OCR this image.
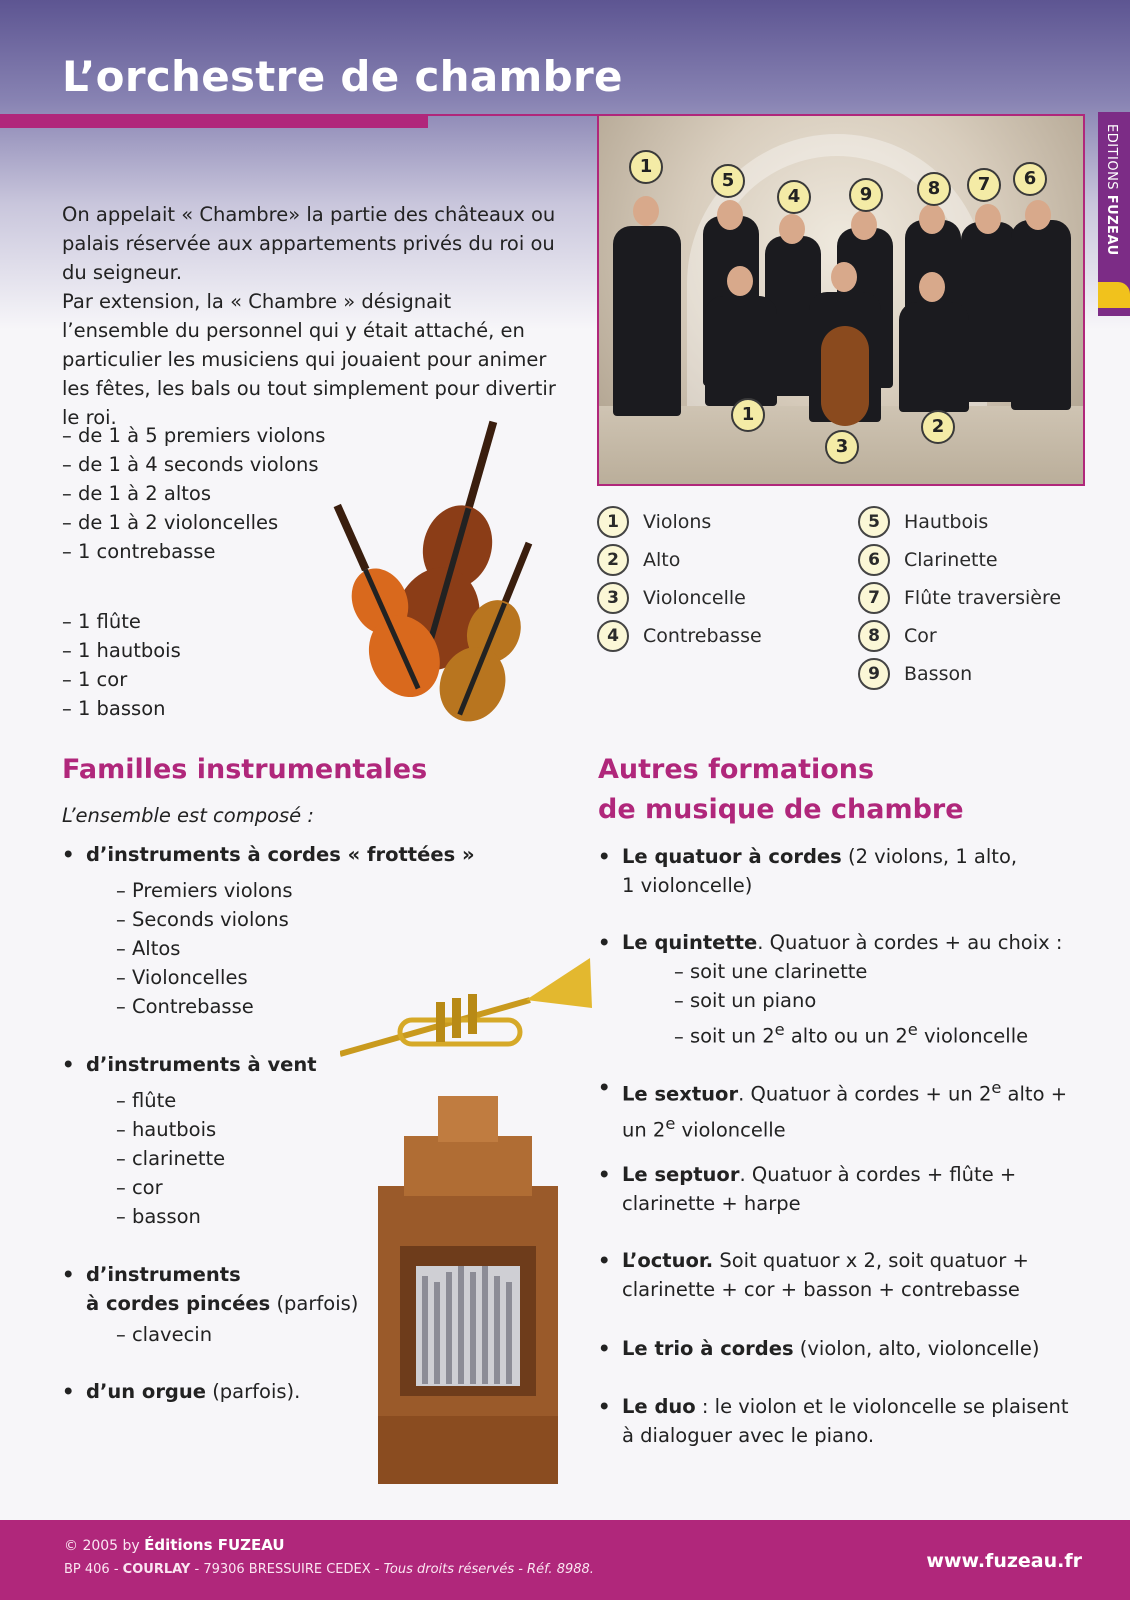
L’orchestre de chambre
EDITIONS FUZEAU

On appelait « Chambre» la partie des châteaux ou palais réservée aux appartements privés du roi ou du seigneur.

Par extension, la « Chambre » désignait l’ensemble du personnel qui y était attaché, en particulier les musiciens qui jouaient pour animer les fêtes, les bals ou tout simplement pour divertir le roi.

– de 1 à 5 premiers violons
– de 1 à 4 seconds violons
– de 1 à 2 altos
– de 1 à 2 violoncelles
– 1 contrebasse
– 1 flûte
– 1 hautbois
– 1 cor
– 1 basson
1
5
4	9	8	7	6
1
3
2
1	Violons
2	Alto
3	Violoncelle
4	Contrebasse
5	Hautbois
6	Clarinette
7	Flûte traversière
8	Cor
9	Basson
Familles instrumentales
L’ensemble est composé :
• d’instruments à cordes « frottées »
– Premiers violons
– Seconds violons
– Altos
– Violoncelles
– Contrebasse
• d’instruments à vent
– flûte
– hautbois
– clarinette
– cor
– basson
• d’instruments
à cordes pincées (parfois)
– clavecin
• d’un orgue (parfois).
Autres formations
de musique de chambre
• Le quatuor à cordes (2 violons, 1 alto,
1 violoncelle)
• Le quintette. Quatuor à cordes + au choix :
– soit une clarinette
– soit un piano
– soit un 2e alto ou un 2e violoncelle
• Le sextuor. Quatuor à cordes + un 2e alto +
un 2e violoncelle
• Le septuor. Quatuor à cordes + flûte +
clarinette + harpe
• L’octuor. Soit quatuor x 2, soit quatuor +
clarinette + cor + basson + contrebasse
• Le trio à cordes (violon, alto, violoncelle)
• Le duo : le violon et le violoncelle se plaisent
à dialoguer avec le piano.
© 2005 by Éditions FUZEAU
BP 406 - COURLAY - 79306 BRESSUIRE CEDEX - Tous droits réservés - Réf. 8988.	www.fuzeau.fr
